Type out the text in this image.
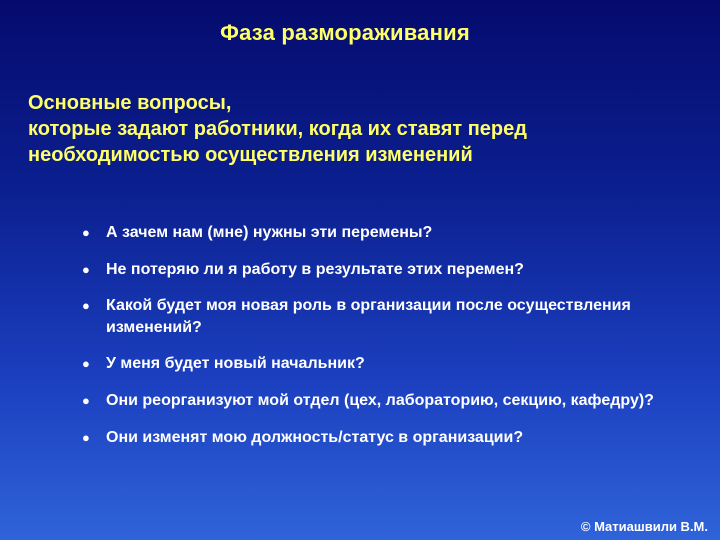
Фаза размораживания
Основные вопросы,
которые задают работники, когда их ставят перед
необходимостью осуществления изменений
●	А зачем нам (мне) нужны эти перемены?
●	Не потеряю ли я работу в результате этих перемен?
●	Какой будет моя новая роль в организации после осуществления изменений?
●	У меня будет новый начальник?
●	Они реорганизуют мой отдел (цех, лабораторию, секцию, кафедру)?
●	Они изменят мою должность/статус в организации?
© Матиашвили В.М.
